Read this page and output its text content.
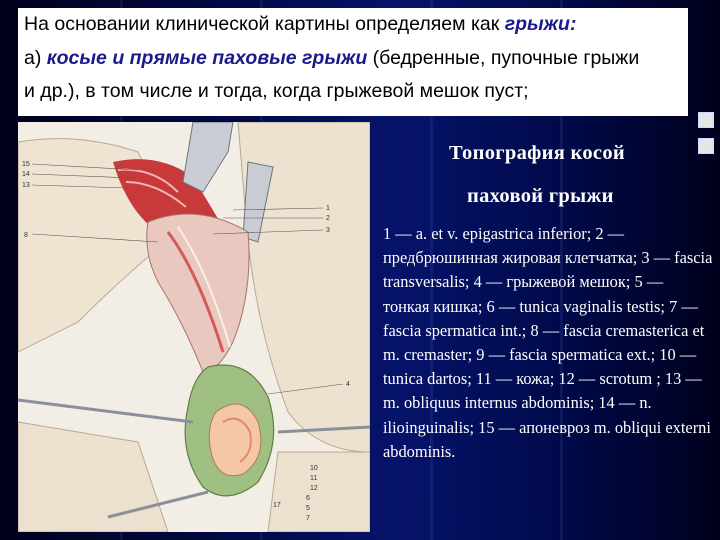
На основании клинической картины определяем как грыжи:
а) косые и прямые паховые грыжи (бедренные, пупочные грыжи
и др.), в том числе и тогда, когда грыжевой мешок пуст;
15
14
13
8
1
2
3
4
10
11
12
6
5
7
17
Топография косой
паховой грыжи
1 — a. et v. epigastrica inferior; 2 — предбрюшинная жировая клетчатка; 3 — fascia transversalis; 4 — грыжевой мешок; 5 — тонкая кишка; 6 — tunica vaginalis testis; 7 — fascia spermatica int.; 8 — fascia cremasterica et m. cremaster; 9 — fascia spermatica ext.; 10 — tunica dartos; 11 — кожа; 12 — scrotum ; 13 — m. obliquus internus abdominis; 14 — n. ilioinguinalis; 15 — апоневроз m. obliqui externi abdominis.
